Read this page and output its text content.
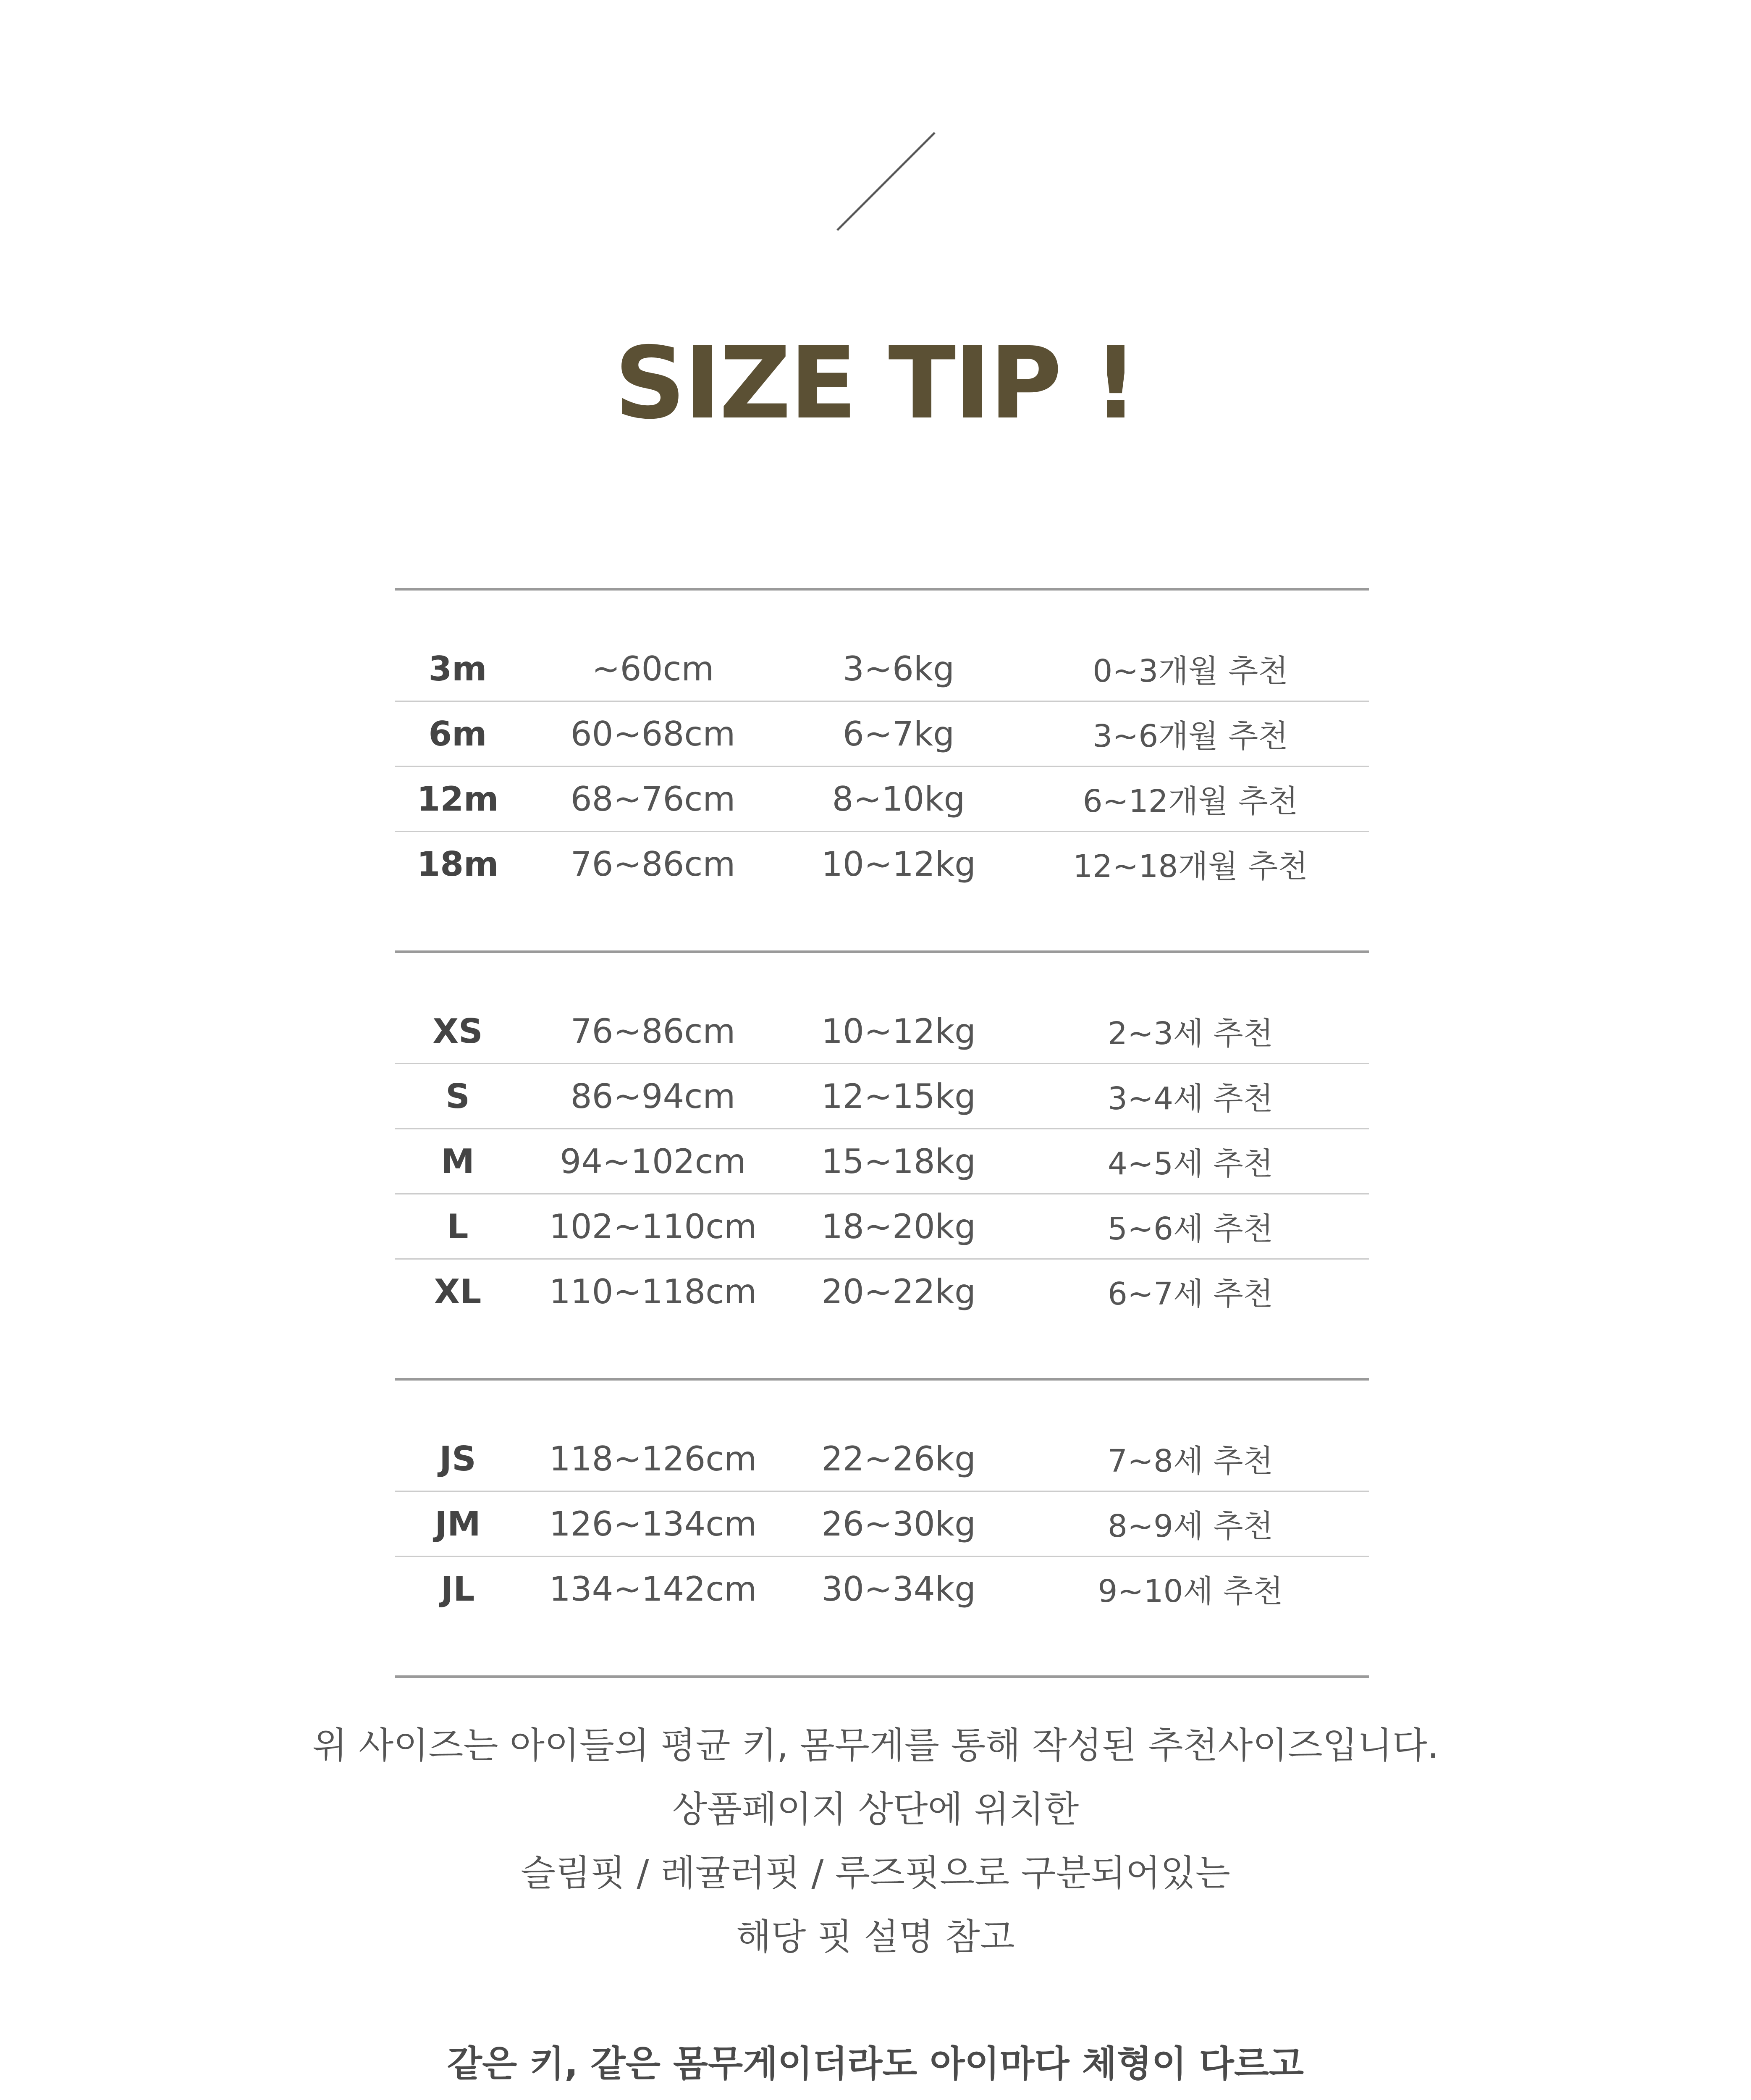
SIZE TIP !
3m	~60cm	3~6kg	0~3개월 추천
6m	60~68cm	6~7kg	3~6개월 추천
12m	68~76cm	8~10kg	6~12개월 추천
18m	76~86cm	10~12kg	12~18개월 추천
XS	76~86cm	10~12kg	2~3세 추천
S	86~94cm	12~15kg	3~4세 추천
M	94~102cm	15~18kg	4~5세 추천
L	102~110cm	18~20kg	5~6세 추천
XL	110~118cm	20~22kg	6~7세 추천
JS	118~126cm	22~26kg	7~8세 추천
JM	126~134cm	26~30kg	8~9세 추천
JL	134~142cm	30~34kg	9~10세 추천
위 사이즈는 아이들의 평균 키, 몸무게를 통해 작성된 추천사이즈입니다.
상품페이지 상단에 위치한
슬림핏 / 레귤러핏 / 루즈핏으로 구분되어있는
해당 핏 설명 참고
같은 키, 같은 몸무게이더라도 아이마다 체형이 다르고
